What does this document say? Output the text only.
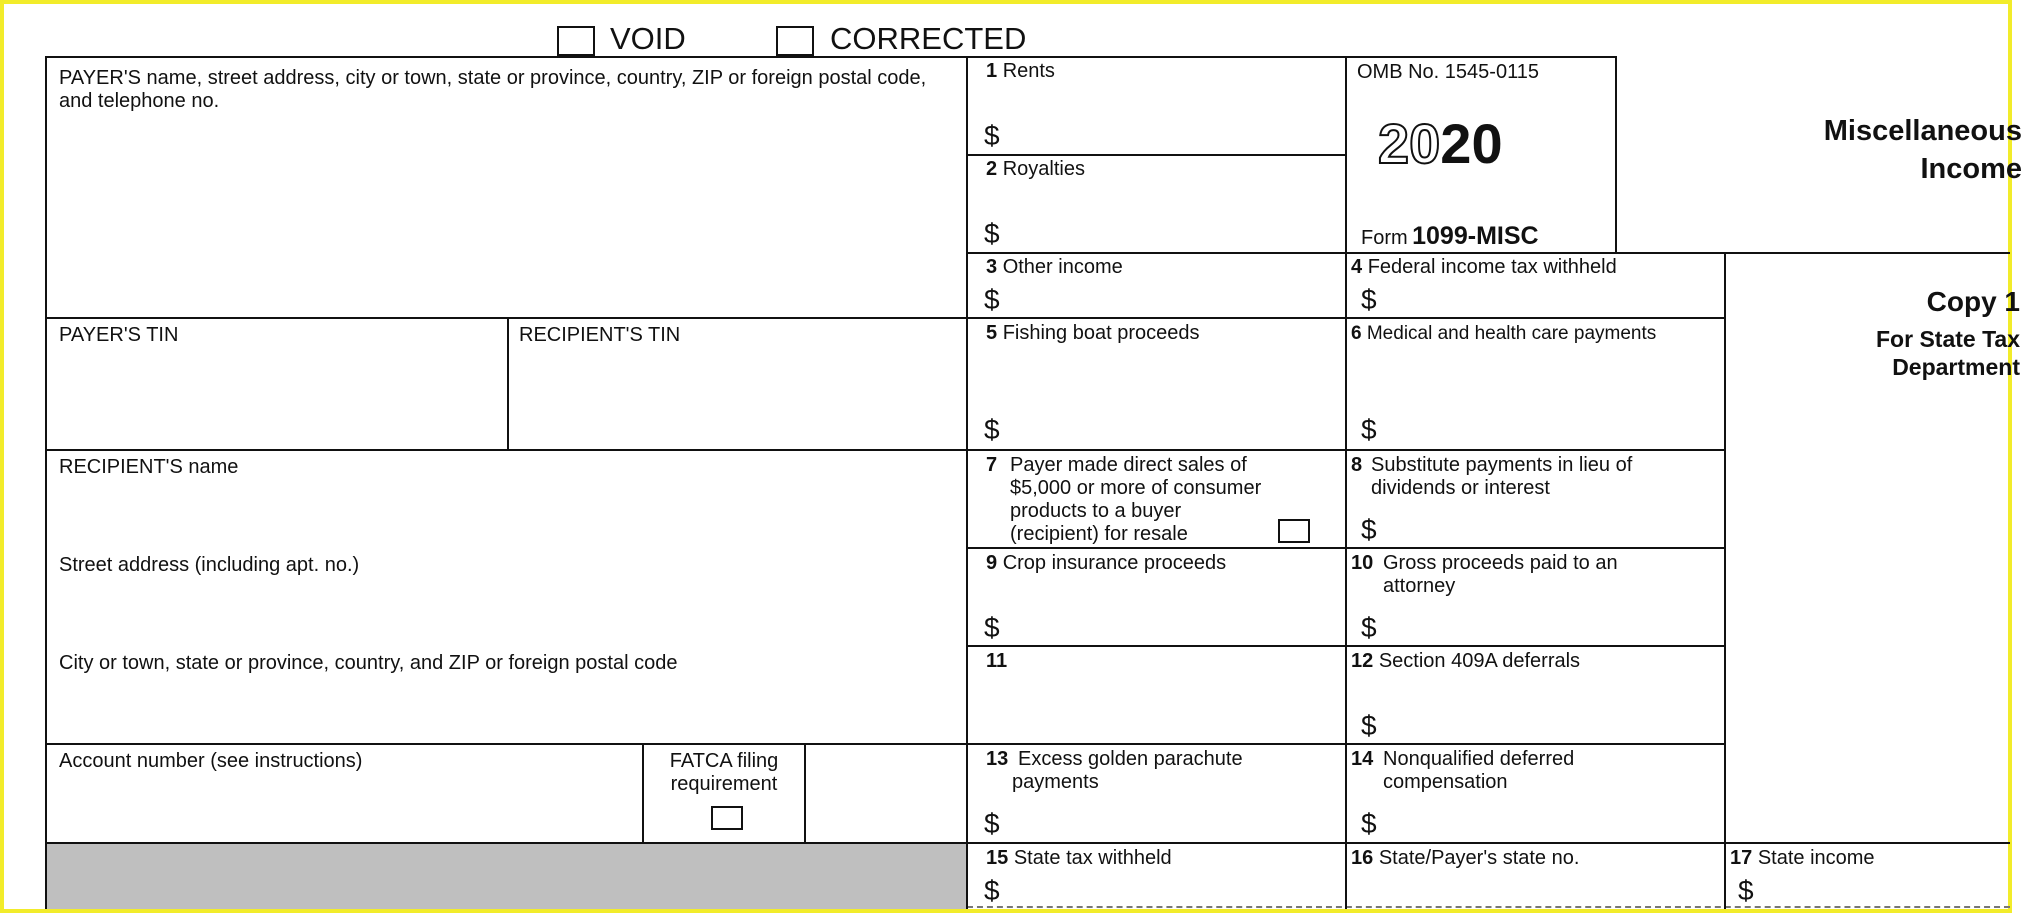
VOID	CORRECTED
PAYER'S name, street address, city or town, state or province, country, ZIP or foreign postal code, and telephone no.
PAYER'S TIN	RECIPIENT'S TIN
RECIPIENT'S name
Street address (including apt. no.)
City or town, state or province, country, and ZIP or foreign postal code
Account number (see instructions)	FATCA filing
requirement
1 Rents
$
2 Royalties
$
3 Other income
$
4 Federal income tax withheld
$
5 Fishing boat proceeds
$
6 Medical and health care payments
$
7 Payer made direct sales of
$5,000 or more of consumer
products to a buyer
(recipient) for resale
8 Substitute payments in lieu of
dividends or interest
$
9 Crop insurance proceeds
$
10 Gross proceeds paid to an
attorney
$
11	12 Section 409A deferrals
$
13 Excess golden parachute
payments
$
14 Nonqualified deferred
compensation
$
15 State tax withheld
$
16 State/Payer's state no.	17 State income
$
OMB No. 1545-0115
2020
Form 1099-MISC
Miscellaneous
Income
Copy 1
For State Tax
Department
